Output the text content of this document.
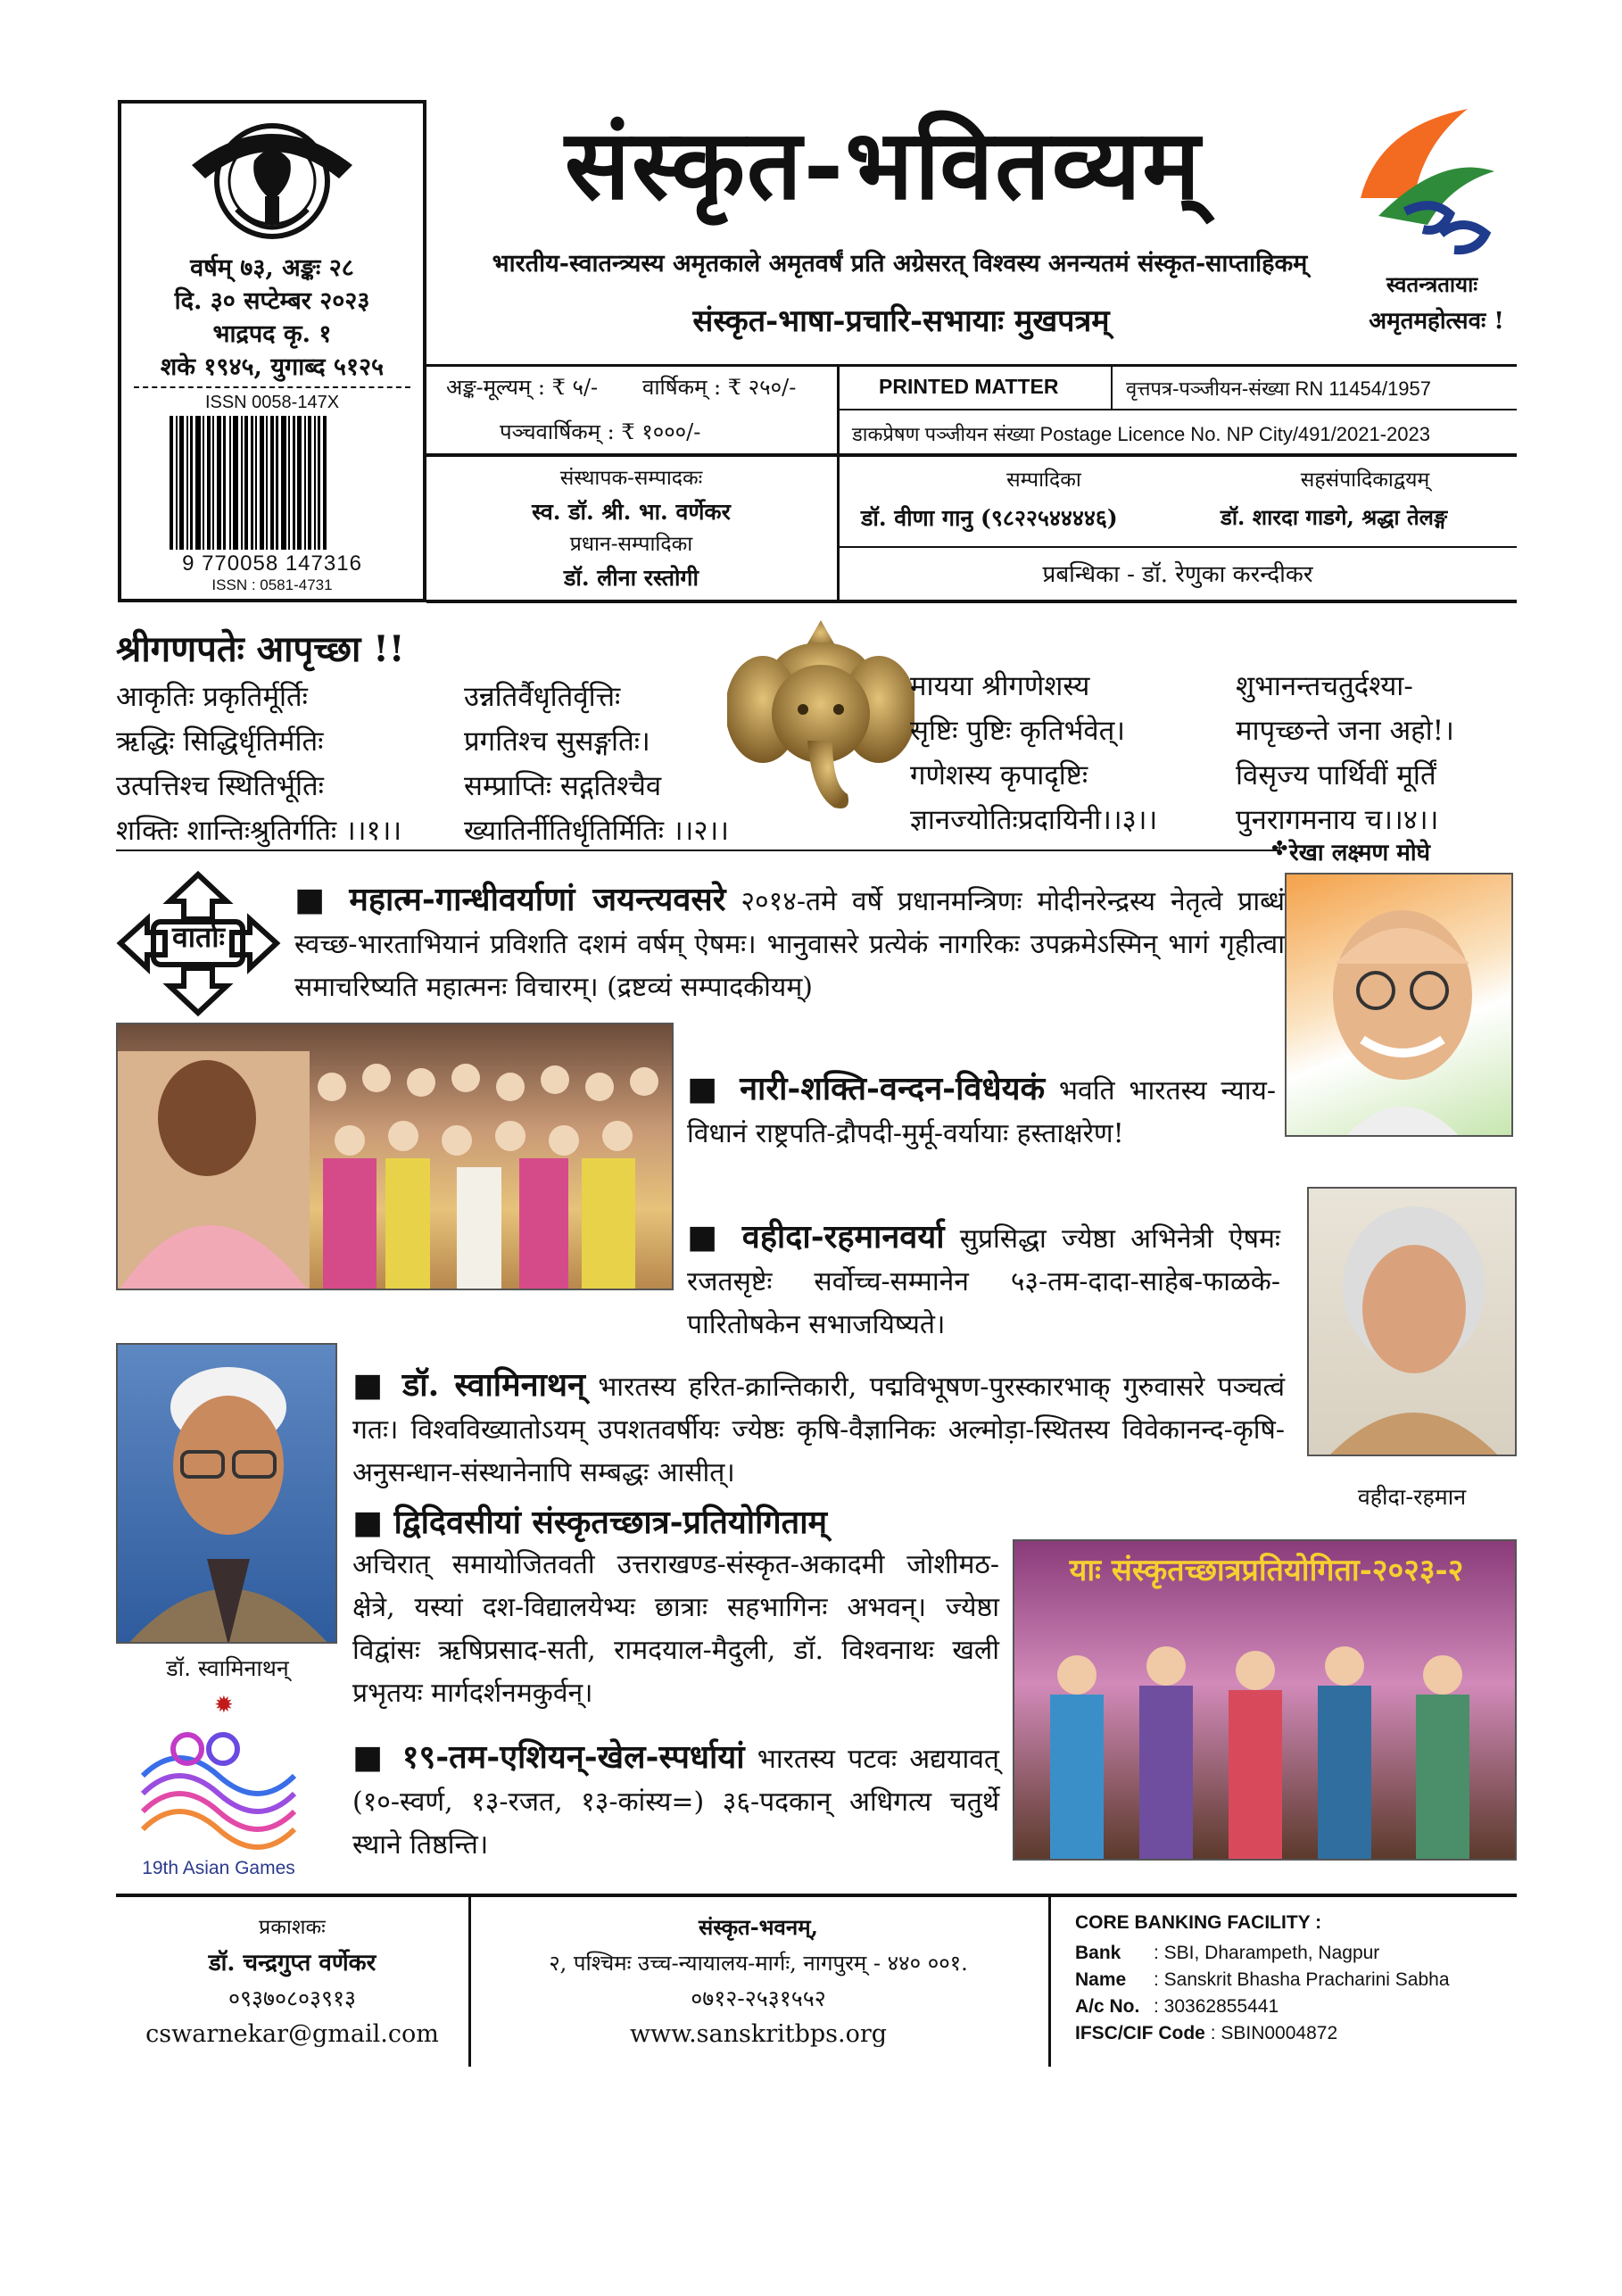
वर्षम् ७३, अङ्कः २८
दि. ३० सप्टेम्बर २०२३
भाद्रपद कृ. १
शके १९४५, युगाब्द ५१२५
ISSN 0058-147X
9 770058 147316
ISSN : 0581-4731
संस्कृत-भवितव्यम्
भारतीय-स्वातन्त्र्यस्य अमृतकाले अमृतवर्षं प्रति अग्रेसरत् विश्वस्य अनन्यतमं संस्कृत-साप्ताहिकम्
संस्कृत-भाषा-प्रचारि-सभायाः मुखपत्रम्
स्वतन्त्रतायाः
अमृतमहोत्सवः !
अङ्क-मूल्यम् : ₹ ५/- वार्षिकम् : ₹ २५०/-
पञ्चवार्षिकम् : ₹ १०००/-
PRINTED MATTER	वृत्तपत्र-पञ्जीयन-संख्या RN 11454/1957
डाकप्रेषण पञ्जीयन संख्या Postage Licence No. NP City/491/2021-2023
संस्थापक-सम्पादकः
स्व. डॉ. श्री. भा. वर्णेकर
प्रधान-सम्पादिका
डॉ. लीना रस्तोगी
सम्पादिका
डॉ. वीणा गानु (९८२२५४४४४६)
सहसंपादिकाद्वयम्
डॉ. शारदा गाडगे, श्रद्धा तेलङ्ग
प्रबन्धिका - डॉ. रेणुका करन्दीकर
श्रीगणपतेः आपृच्छा !!
आकृतिः प्रकृतिर्मूर्तिः
ऋद्धिः सिद्धिर्धृतिर्मतिः
उत्पत्तिश्च स्थितिर्भूतिः
शक्तिः शान्तिःश्रुतिर्गतिः ।।१।।
उन्नतिर्वैधृतिर्वृत्तिः
प्रगतिश्च सुसङ्गतिः।
सम्प्राप्तिः सद्गतिश्चैव
ख्यातिर्नीतिर्धृतिर्मितिः ।।२।।
मायया श्रीगणेशस्य
सृष्टिः पुष्टिः कृतिर्भवेत्।
गणेशस्य कृपादृष्टिः
ज्ञानज्योतिःप्रदायिनी।।३।।
शुभानन्तचतुर्दश्या-
मापृच्छन्ते जना अहो!।
विसृज्य पार्थिवीं मूर्तिं
पुनरागमनाय च।।४।।
✤ रेखा लक्ष्मण मोघे
वार्ताः
■ महात्म-गान्धीवर्याणां जयन्त्यवसरे २०१४-तमे वर्षे प्रधानमन्त्रिणः मोदीनरेन्द्रस्य नेतृत्वे प्राब्धं स्वच्छ-भारताभियानं प्रविशति दशमं वर्षम् ऐषमः। भानुवासरे प्रत्येकं नागरिकः उपक्रमेऽस्मिन् भागं गृहीत्वा समाचरिष्यति महात्मनः विचारम्। (द्रष्टव्यं सम्पादकीयम्)
■ नारी-शक्ति-वन्दन-विधेयकं भवति भारतस्य न्याय-विधानं राष्ट्रपति-द्रौपदी-मुर्मू-वर्यायाः हस्ताक्षरेण!
■ वहीदा-रहमानवर्या सुप्रसिद्धा ज्येष्ठा अभिनेत्री ऐषमः रजतसृष्टेः सर्वोच्च-सम्मानेन ५३-तम-दादा-साहेब-फाळके-पारितोषकेन सभाजयिष्यते।
वहीदा-रहमान
डॉ. स्वामिनाथन्
■ डॉ. स्वामिनाथन् भारतस्य हरित-क्रान्तिकारी, पद्मविभूषण-पुरस्कारभाक् गुरुवासरे पञ्चत्वं गतः। विश्वविख्यातोऽयम् उपशतवर्षीयः ज्येष्ठः कृषि-वैज्ञानिकः अल्मोड़ा-स्थितस्य विवेकानन्द-कृषि-अनुसन्धान-संस्थानेनापि सम्बद्धः आसीत्।
■ द्विदिवसीयां संस्कृतच्छात्र-प्रतियोगिताम्
अचिरात् समायोजितवती उत्तराखण्ड-संस्कृत-अकादमी जोशीमठ-क्षेत्रे, यस्यां दश-विद्यालयेभ्यः छात्राः सहभागिनः अभवन्। ज्येष्ठा विद्वांसः ऋषिप्रसाद-सती, रामदयाल-मैदुली, डॉ. विश्वनाथः खली प्रभृतयः मार्गदर्शनमकुर्वन्।
याः संस्कृतच्छात्रप्रतियोगिता-२०२३-२
✹
19th Asian Games
■ १९-तम-एशियन्-खेल-स्पर्धायां भारतस्य पटवः अद्ययावत् (१०-स्वर्ण, १३-रजत, १३-कांस्य=) ३६-पदकान् अधिगत्य चतुर्थे स्थाने तिष्ठन्ति।
प्रकाशकः
डॉ. चन्द्रगुप्त वर्णेकर
०९३७०८०३९१३
cswarnekar@gmail.com
संस्कृत-भवनम्,
२, पश्चिमः उच्च-न्यायालय-मार्गः, नागपुरम् - ४४० ००१.
०७१२-२५३१५५२
www.sanskritbps.org
CORE BANKING FACILITY :
Bank : SBI, Dharampeth, Nagpur
Name : Sanskrit Bhasha Pracharini Sabha
A/c No. : 30362855441
IFSC/CIF Code : SBIN0004872
